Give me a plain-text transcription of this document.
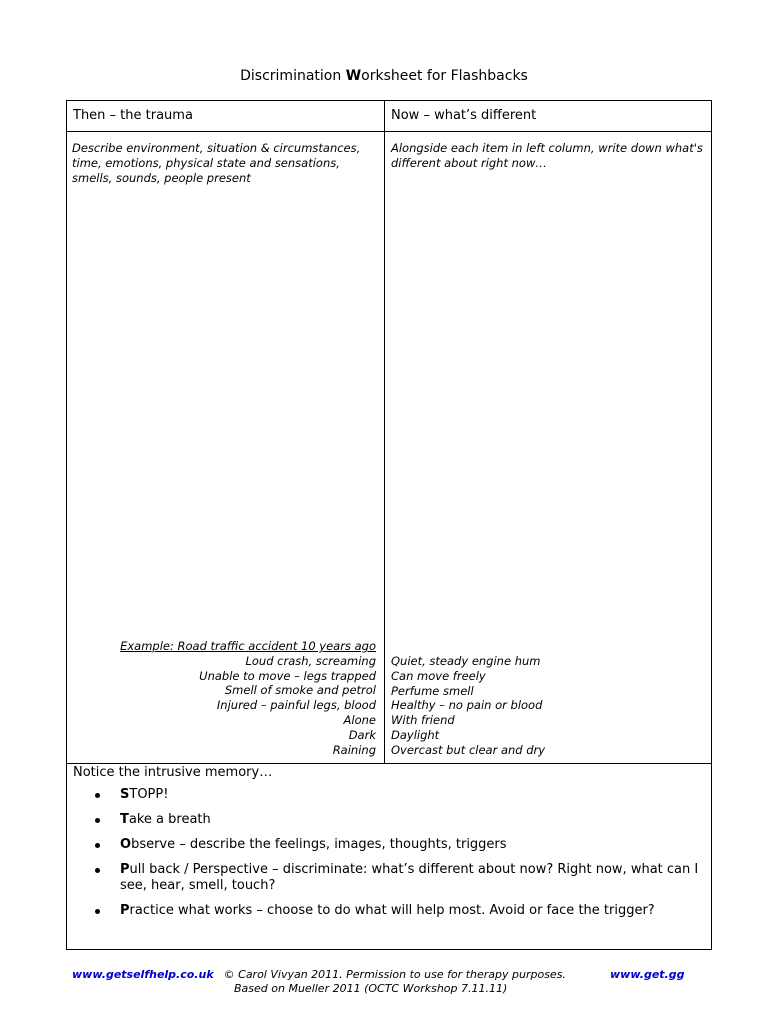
Discrimination Worksheet for Flashbacks
Then – the trauma	Now – what’s different
Describe environment, situation & circumstances, time, emotions, physical state and sensations, smells, sounds, people present
Alongside each item in left column, write down what's different about right now…
Example: Road traffic accident 10 years ago
Loud crash, screaming
Unable to move – legs trapped
Smell of smoke and petrol
Injured – painful legs, blood
Alone
Dark
Raining
Quiet, steady engine hum
Can move freely
Perfume smell
Healthy – no pain or blood
With friend
Daylight
Overcast but clear and dry
Notice the intrusive memory…
STOPP!
Take a breath
Observe – describe the feelings, images, thoughts, triggers
Pull back / Perspective – discriminate: what’s different about now? Right now, what can I see, hear, smell, touch?
Practice what works – choose to do what will help most. Avoid or face the trigger?
www.getselfhelp.co.uk © Carol Vivyan 2011. Permission to use for therapy purposes.	www.get.gg
Based on Mueller 2011 (OCTC Workshop 7.11.11)
